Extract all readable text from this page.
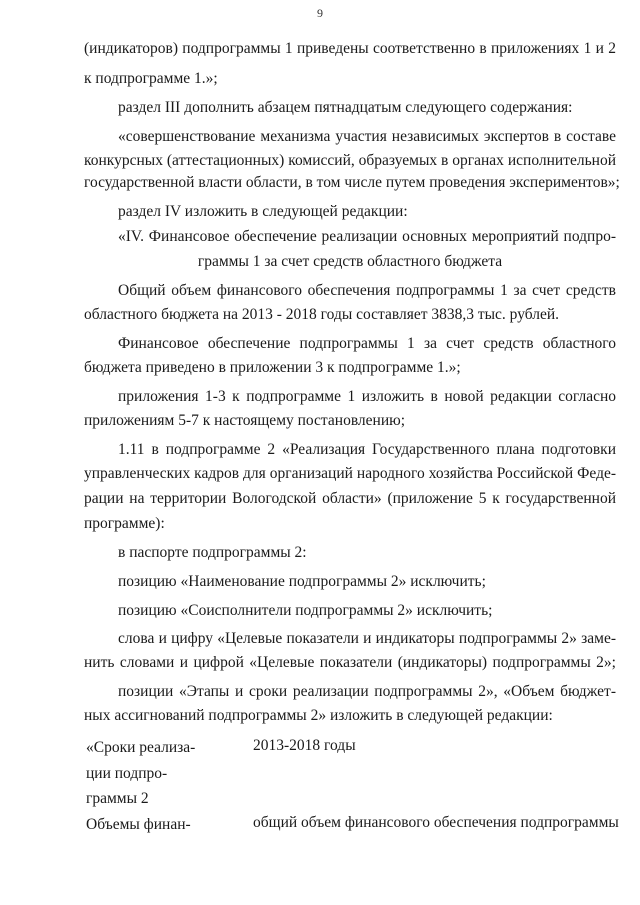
9
(индикаторов) подпрограммы 1 приведены соответственно в приложениях 1 и 2
к подпрограмме 1.»;
раздел III дополнить абзацем пятнадцатым следующего содержания:
«совершенствование механизма участия независимых экспертов в составе
конкурсных (аттестационных) комиссий, образуемых в органах исполнительной
государственной власти области, в том числе путем проведения экспериментов»;
раздел IV изложить в следующей редакции:
«IV. Финансовое обеспечение реализации основных мероприятий подпро-
граммы 1 за счет средств областного бюджета
Общий объем финансового обеспечения подпрограммы 1 за счет средств
областного бюджета на 2013 - 2018 годы составляет 3838,3 тыс. рублей.
Финансовое обеспечение подпрограммы 1 за счет средств областного
бюджета приведено в приложении 3 к подпрограмме 1.»;
приложения 1-3 к подпрограмме 1 изложить в новой редакции согласно
приложениям 5-7 к настоящему постановлению;
1.11 в подпрограмме 2 «Реализация Государственного плана подготовки
управленческих кадров для организаций народного хозяйства Российской Феде-
рации на территории Вологодской области» (приложение 5 к государственной
программе):
в паспорте подпрограммы 2:
позицию «Наименование подпрограммы 2» исключить;
позицию «Соисполнители подпрограммы 2» исключить;
слова и цифру «Целевые показатели и индикаторы подпрограммы 2» заме-
нить словами и цифрой «Целевые показатели (индикаторы) подпрограммы 2»;
позиции «Этапы и сроки реализации подпрограммы 2», «Объем бюджет-
ных ассигнований подпрограммы 2» изложить в следующей редакции:
«Сроки реализа-
ции подпро-
граммы 2
2013-2018 годы
Объемы финан-	общий объем финансового обеспечения подпрограммы
